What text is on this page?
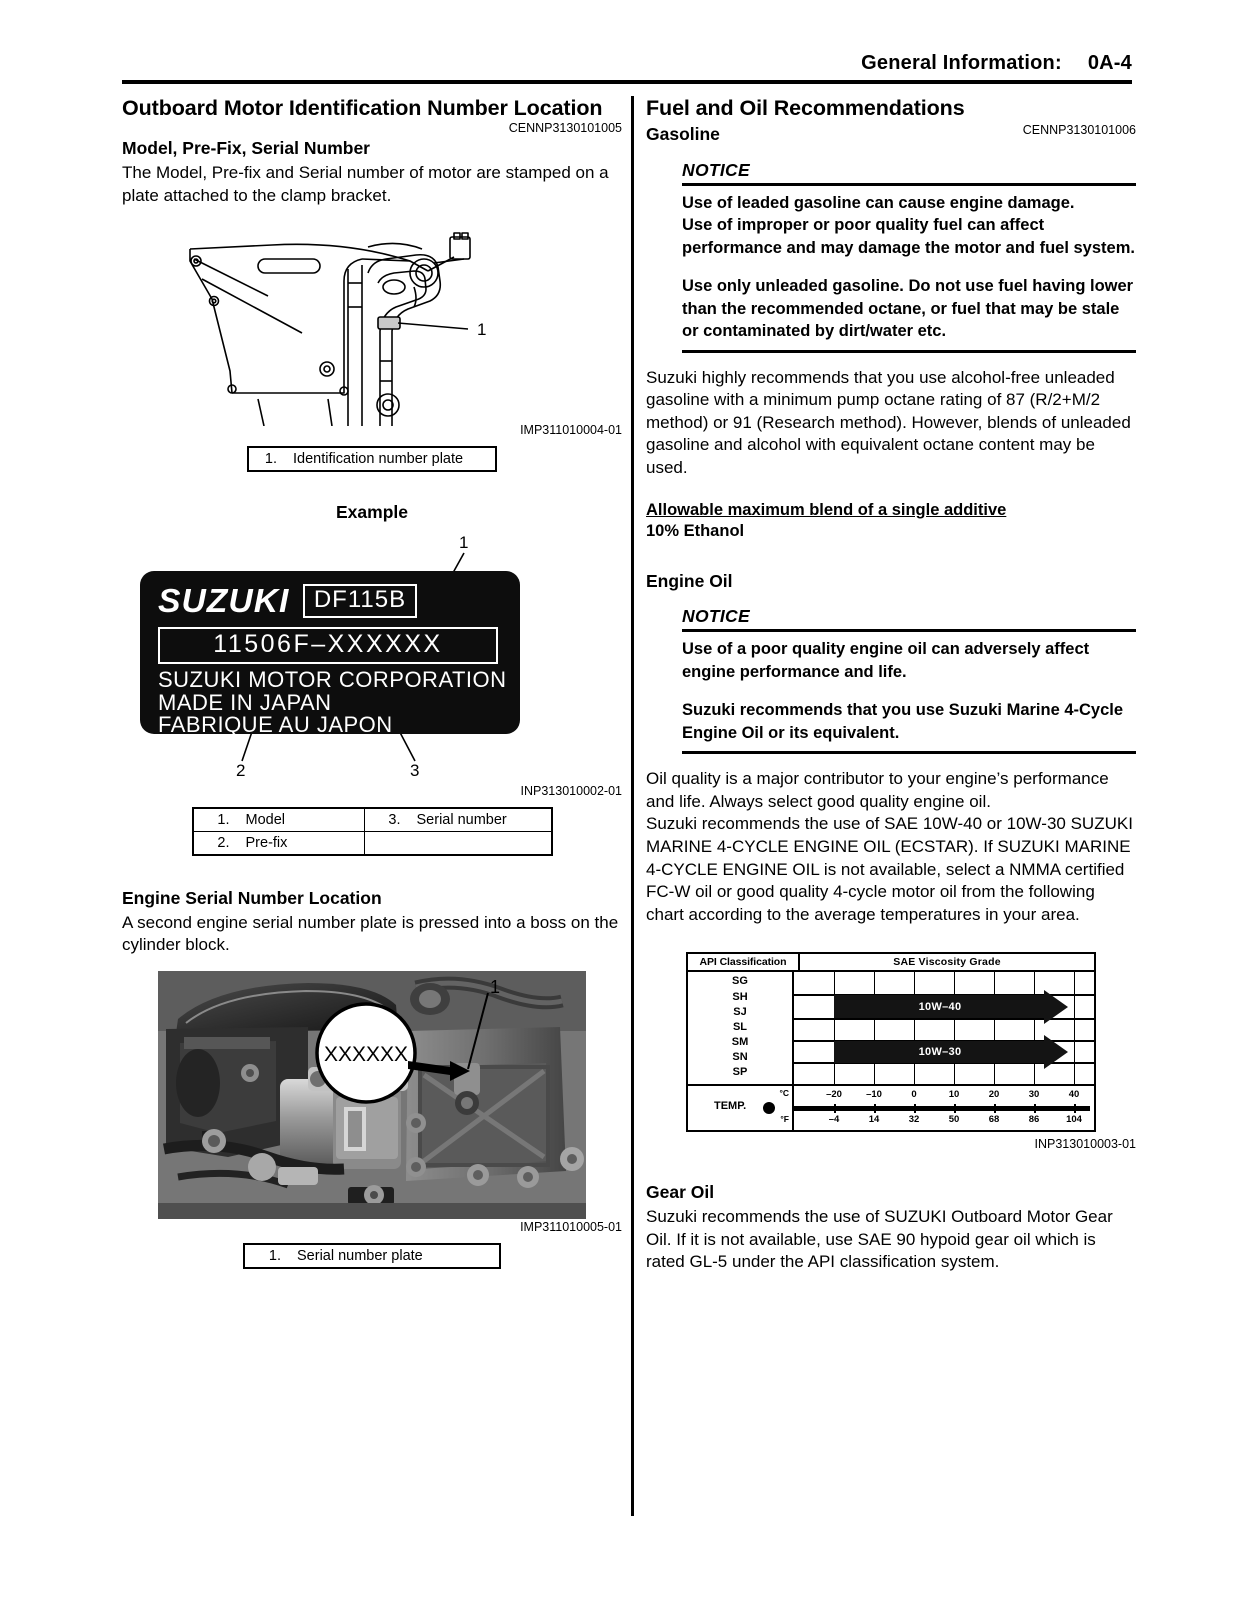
General Information: 0A-4
Outboard Motor Identification Number Location
CENNP3130101005
Model, Pre-Fix, Serial Number

The Model, Pre-fix and Serial number of motor are stamped on a plate attached to the clamp bracket.

1
IMP311010004-01
1.	Identification number plate
Example
SUZUKI	DF115B
11506F–XXXXXX
SUZUKI MOTOR CORPORATION
MADE IN JAPAN
FABRIQUE AU JAPON
1
2	3
INP313010002-01
1.	Model	3.	Serial number
2.	Pre-fix		
Engine Serial Number Location

A second engine serial number plate is pressed into a boss on the cylinder block.

XXXXXX
1
IMP311010005-01
1.	Serial number plate
Fuel and Oil Recommendations
CENNP3130101006
Gasoline
NOTICE
Use of leaded gasoline can cause engine damage.
Use of improper or poor quality fuel can affect performance and may damage the motor and fuel system.
Use only unleaded gasoline. Do not use fuel having lower than the recommended octane, or fuel that may be stale or contaminated by dirt/water etc.

Suzuki highly recommends that you use alcohol-free unleaded gasoline with a minimum pump octane rating of 87 (R/2+M/2 method) or 91 (Research method). However, blends of unleaded gasoline and alcohol with equivalent octane content may be used.

Allowable maximum blend of a single additive
10% Ethanol
Engine Oil
NOTICE
Use of a poor quality engine oil can adversely affect engine performance and life.
Suzuki recommends that you use Suzuki Marine 4-Cycle Engine Oil or its equivalent.

Oil quality is a major contributor to your engine’s performance and life. Always select good quality engine oil.

Suzuki recommends the use of SAE 10W-40 or 10W-30 SUZUKI MARINE 4-CYCLE ENGINE OIL (ECSTAR). If SUZUKI MARINE 4-CYCLE ENGINE OIL is not available, select a NMMA certified FC-W oil or good quality 4-cycle motor oil from the following chart according to the average temperatures in your area.

API Classification	SAE Viscosity Grade
SG
SH
SJ
SL
SM
SN
SP
10W–40
10W–30
TEMP.
°C
°F
–20	–10	0	10	20	30	40
–4	14	32	50	68	86	104
INP313010003-01
Gear Oil

Suzuki recommends the use of SUZUKI Outboard Motor Gear Oil. If it is not available, use SAE 90 hypoid gear oil which is rated GL-5 under the API classification system.
